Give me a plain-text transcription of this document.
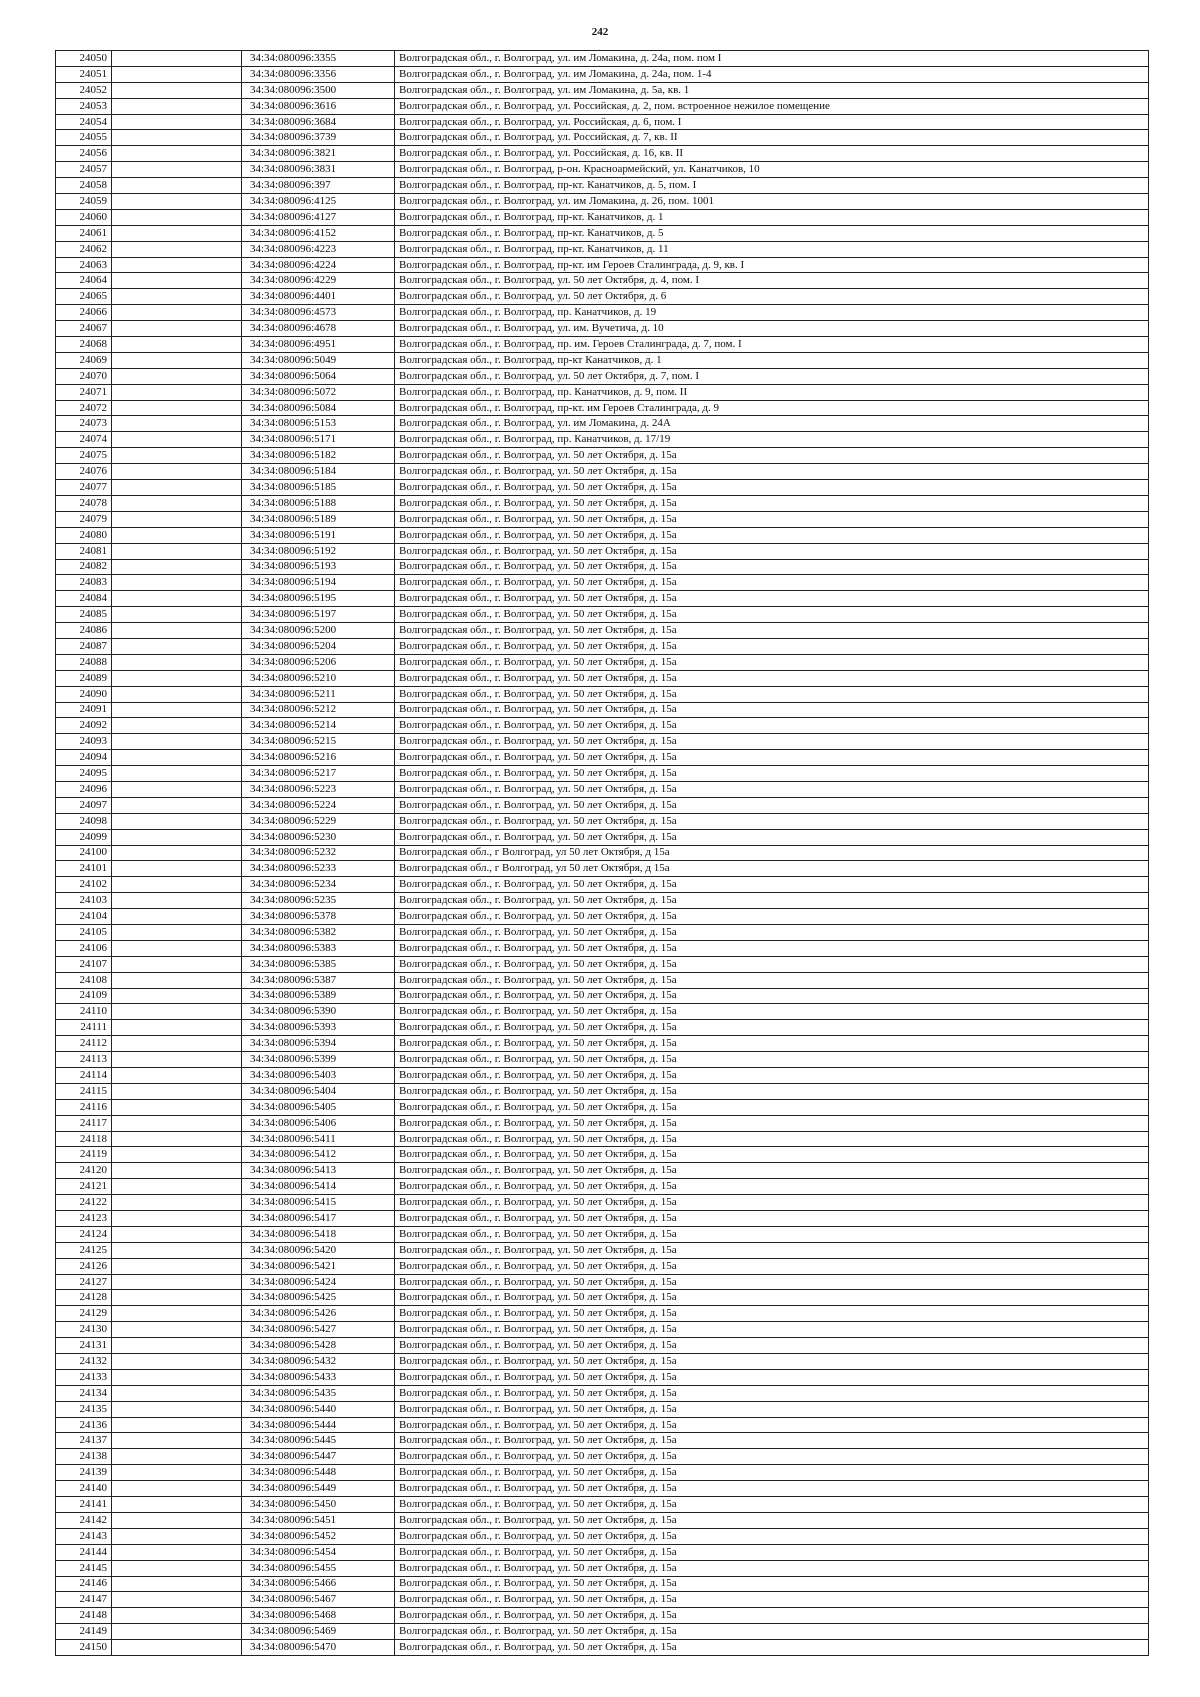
242
24050		34:34:080096:3355	Волгоградская обл., г. Волгоград, ул. им Ломакина, д. 24а, пом. пом I
24051		34:34:080096:3356	Волгоградская обл., г. Волгоград, ул. им Ломакина, д. 24а, пом. 1-4
24052		34:34:080096:3500	Волгоградская обл., г. Волгоград, ул. им Ломакина, д. 5а, кв. 1
24053		34:34:080096:3616	Волгоградская обл., г. Волгоград, ул. Российская, д. 2, пом. встроенное нежилое помещение
24054		34:34:080096:3684	Волгоградская обл., г. Волгоград, ул. Российская, д. 6, пом. I
24055		34:34:080096:3739	Волгоградская обл., г. Волгоград, ул. Российская, д. 7, кв. II
24056		34:34:080096:3821	Волгоградская обл., г. Волгоград, ул. Российская, д. 16, кв. II
24057		34:34:080096:3831	Волгоградская обл., г. Волгоград, р-он. Красноармейский, ул. Канатчиков, 10
24058		34:34:080096:397	Волгоградская обл., г. Волгоград, пр-кт. Канатчиков, д. 5, пом. I
24059		34:34:080096:4125	Волгоградская обл., г. Волгоград, ул. им Ломакина, д. 26, пом. 1001
24060		34:34:080096:4127	Волгоградская обл., г. Волгоград, пр-кт. Канатчиков, д. 1
24061		34:34:080096:4152	Волгоградская обл., г. Волгоград, пр-кт. Канатчиков, д. 5
24062		34:34:080096:4223	Волгоградская обл., г. Волгоград, пр-кт. Канатчиков, д. 11
24063		34:34:080096:4224	Волгоградская обл., г. Волгоград, пр-кт. им Героев Сталинграда, д. 9, кв. I
24064		34:34:080096:4229	Волгоградская обл., г. Волгоград, ул. 50 лет Октября, д. 4, пом. I
24065		34:34:080096:4401	Волгоградская обл., г. Волгоград, ул. 50 лет Октября, д. 6
24066		34:34:080096:4573	Волгоградская обл., г. Волгоград, пр. Канатчиков, д. 19
24067		34:34:080096:4678	Волгоградская обл., г. Волгоград, ул. им. Вучетича, д. 10
24068		34:34:080096:4951	Волгоградская обл., г. Волгоград, пр. им. Героев Сталинграда, д. 7, пом. I
24069		34:34:080096:5049	Волгоградская обл., г. Волгоград, пр-кт Канатчиков, д. 1
24070		34:34:080096:5064	Волгоградская обл., г. Волгоград, ул. 50 лет Октября, д. 7, пом. I
24071		34:34:080096:5072	Волгоградская обл., г. Волгоград, пр. Канатчиков, д. 9, пом. II
24072		34:34:080096:5084	Волгоградская обл., г. Волгоград, пр-кт. им Героев Сталинграда, д. 9
24073		34:34:080096:5153	Волгоградская обл., г. Волгоград, ул. им Ломакина, д. 24А
24074		34:34:080096:5171	Волгоградская обл., г. Волгоград, пр. Канатчиков, д. 17/19
24075		34:34:080096:5182	Волгоградская обл., г. Волгоград, ул. 50 лет Октября, д. 15а
24076		34:34:080096:5184	Волгоградская обл., г. Волгоград, ул. 50 лет Октября, д. 15а
24077		34:34:080096:5185	Волгоградская обл., г. Волгоград, ул. 50 лет Октября, д. 15а
24078		34:34:080096:5188	Волгоградская обл., г. Волгоград, ул. 50 лет Октября, д. 15а
24079		34:34:080096:5189	Волгоградская обл., г. Волгоград, ул. 50 лет Октября, д. 15а
24080		34:34:080096:5191	Волгоградская обл., г. Волгоград, ул. 50 лет Октября, д. 15а
24081		34:34:080096:5192	Волгоградская обл., г. Волгоград, ул. 50 лет Октября, д. 15а
24082		34:34:080096:5193	Волгоградская обл., г. Волгоград, ул. 50 лет Октября, д. 15а
24083		34:34:080096:5194	Волгоградская обл., г. Волгоград, ул. 50 лет Октября, д. 15а
24084		34:34:080096:5195	Волгоградская обл., г. Волгоград, ул. 50 лет Октября, д. 15а
24085		34:34:080096:5197	Волгоградская обл., г. Волгоград, ул. 50 лет Октября, д. 15а
24086		34:34:080096:5200	Волгоградская обл., г. Волгоград, ул. 50 лет Октября, д. 15а
24087		34:34:080096:5204	Волгоградская обл., г. Волгоград, ул. 50 лет Октября, д. 15а
24088		34:34:080096:5206	Волгоградская обл., г. Волгоград, ул. 50 лет Октября, д. 15а
24089		34:34:080096:5210	Волгоградская обл., г. Волгоград, ул. 50 лет Октября, д. 15а
24090		34:34:080096:5211	Волгоградская обл., г. Волгоград, ул. 50 лет Октября, д. 15а
24091		34:34:080096:5212	Волгоградская обл., г. Волгоград, ул. 50 лет Октября, д. 15а
24092		34:34:080096:5214	Волгоградская обл., г. Волгоград, ул. 50 лет Октября, д. 15а
24093		34:34:080096:5215	Волгоградская обл., г. Волгоград, ул. 50 лет Октября, д. 15а
24094		34:34:080096:5216	Волгоградская обл., г. Волгоград, ул. 50 лет Октября, д. 15а
24095		34:34:080096:5217	Волгоградская обл., г. Волгоград, ул. 50 лет Октября, д. 15а
24096		34:34:080096:5223	Волгоградская обл., г. Волгоград, ул. 50 лет Октября, д. 15а
24097		34:34:080096:5224	Волгоградская обл., г. Волгоград, ул. 50 лет Октября, д. 15а
24098		34:34:080096:5229	Волгоградская обл., г. Волгоград, ул. 50 лет Октября, д. 15а
24099		34:34:080096:5230	Волгоградская обл., г. Волгоград, ул. 50 лет Октября, д. 15а
24100		34:34:080096:5232	Волгоградская обл., г Волгоград, ул 50 лет Октября, д 15а
24101		34:34:080096:5233	Волгоградская обл., г Волгоград, ул 50 лет Октября, д 15а
24102		34:34:080096:5234	Волгоградская обл., г. Волгоград, ул. 50 лет Октября, д. 15а
24103		34:34:080096:5235	Волгоградская обл., г. Волгоград, ул. 50 лет Октября, д. 15а
24104		34:34:080096:5378	Волгоградская обл., г. Волгоград, ул. 50 лет Октября, д. 15а
24105		34:34:080096:5382	Волгоградская обл., г. Волгоград, ул. 50 лет Октября, д. 15а
24106		34:34:080096:5383	Волгоградская обл., г. Волгоград, ул. 50 лет Октября, д. 15а
24107		34:34:080096:5385	Волгоградская обл., г. Волгоград, ул. 50 лет Октября, д. 15а
24108		34:34:080096:5387	Волгоградская обл., г. Волгоград, ул. 50 лет Октября, д. 15а
24109		34:34:080096:5389	Волгоградская обл., г. Волгоград, ул. 50 лет Октября, д. 15а
24110		34:34:080096:5390	Волгоградская обл., г. Волгоград, ул. 50 лет Октября, д. 15а
24111		34:34:080096:5393	Волгоградская обл., г. Волгоград, ул. 50 лет Октября, д. 15а
24112		34:34:080096:5394	Волгоградская обл., г. Волгоград, ул. 50 лет Октября, д. 15а
24113		34:34:080096:5399	Волгоградская обл., г. Волгоград, ул. 50 лет Октября, д. 15а
24114		34:34:080096:5403	Волгоградская обл., г. Волгоград, ул. 50 лет Октября, д. 15а
24115		34:34:080096:5404	Волгоградская обл., г. Волгоград, ул. 50 лет Октября, д. 15а
24116		34:34:080096:5405	Волгоградская обл., г. Волгоград, ул. 50 лет Октября, д. 15а
24117		34:34:080096:5406	Волгоградская обл., г. Волгоград, ул. 50 лет Октября, д. 15а
24118		34:34:080096:5411	Волгоградская обл., г. Волгоград, ул. 50 лет Октября, д. 15а
24119		34:34:080096:5412	Волгоградская обл., г. Волгоград, ул. 50 лет Октября, д. 15а
24120		34:34:080096:5413	Волгоградская обл., г. Волгоград, ул. 50 лет Октября, д. 15а
24121		34:34:080096:5414	Волгоградская обл., г. Волгоград, ул. 50 лет Октября, д. 15а
24122		34:34:080096:5415	Волгоградская обл., г. Волгоград, ул. 50 лет Октября, д. 15а
24123		34:34:080096:5417	Волгоградская обл., г. Волгоград, ул. 50 лет Октября, д. 15а
24124		34:34:080096:5418	Волгоградская обл., г. Волгоград, ул. 50 лет Октября, д. 15а
24125		34:34:080096:5420	Волгоградская обл., г. Волгоград, ул. 50 лет Октября, д. 15а
24126		34:34:080096:5421	Волгоградская обл., г. Волгоград, ул. 50 лет Октября, д. 15а
24127		34:34:080096:5424	Волгоградская обл., г. Волгоград, ул. 50 лет Октября, д. 15а
24128		34:34:080096:5425	Волгоградская обл., г. Волгоград, ул. 50 лет Октября, д. 15а
24129		34:34:080096:5426	Волгоградская обл., г. Волгоград, ул. 50 лет Октября, д. 15а
24130		34:34:080096:5427	Волгоградская обл., г. Волгоград, ул. 50 лет Октября, д. 15а
24131		34:34:080096:5428	Волгоградская обл., г. Волгоград, ул. 50 лет Октября, д. 15а
24132		34:34:080096:5432	Волгоградская обл., г. Волгоград, ул. 50 лет Октября, д. 15а
24133		34:34:080096:5433	Волгоградская обл., г. Волгоград, ул. 50 лет Октября, д. 15а
24134		34:34:080096:5435	Волгоградская обл., г. Волгоград, ул. 50 лет Октября, д. 15а
24135		34:34:080096:5440	Волгоградская обл., г. Волгоград, ул. 50 лет Октября, д. 15а
24136		34:34:080096:5444	Волгоградская обл., г. Волгоград, ул. 50 лет Октября, д. 15а
24137		34:34:080096:5445	Волгоградская обл., г. Волгоград, ул. 50 лет Октября, д. 15а
24138		34:34:080096:5447	Волгоградская обл., г. Волгоград, ул. 50 лет Октября, д. 15а
24139		34:34:080096:5448	Волгоградская обл., г. Волгоград, ул. 50 лет Октября, д. 15а
24140		34:34:080096:5449	Волгоградская обл., г. Волгоград, ул. 50 лет Октября, д. 15а
24141		34:34:080096:5450	Волгоградская обл., г. Волгоград, ул. 50 лет Октября, д. 15а
24142		34:34:080096:5451	Волгоградская обл., г. Волгоград, ул. 50 лет Октября, д. 15а
24143		34:34:080096:5452	Волгоградская обл., г. Волгоград, ул. 50 лет Октября, д. 15а
24144		34:34:080096:5454	Волгоградская обл., г. Волгоград, ул. 50 лет Октября, д. 15а
24145		34:34:080096:5455	Волгоградская обл., г. Волгоград, ул. 50 лет Октября, д. 15а
24146		34:34:080096:5466	Волгоградская обл., г. Волгоград, ул. 50 лет Октября, д. 15а
24147		34:34:080096:5467	Волгоградская обл., г. Волгоград, ул. 50 лет Октября, д. 15а
24148		34:34:080096:5468	Волгоградская обл., г. Волгоград, ул. 50 лет Октября, д. 15а
24149		34:34:080096:5469	Волгоградская обл., г. Волгоград, ул. 50 лет Октября, д. 15а
24150		34:34:080096:5470	Волгоградская обл., г. Волгоград, ул. 50 лет Октября, д. 15а
